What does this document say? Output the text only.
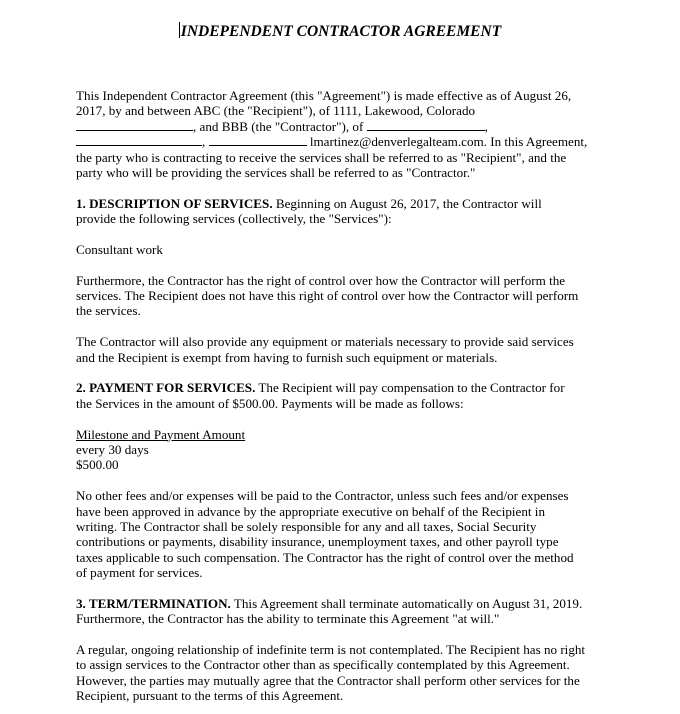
INDEPENDENT CONTRACTOR AGREEMENT
This Independent Contractor Agreement (this "Agreement") is made effective as of August 26,
2017, by and between ABC (the "Recipient"), of 1111, Lakewood, Colorado
, and BBB (the "Contractor"), of	,
,	lmartinez@denverlegalteam.com. In this Agreement,
the party who is contracting to receive the services shall be referred to as "Recipient", and the
party who will be providing the services shall be referred to as "Contractor."
1. DESCRIPTION OF SERVICES. Beginning on August 26, 2017, the Contractor will
provide the following services (collectively, the "Services"):
Consultant work
Furthermore, the Contractor has the right of control over how the Contractor will perform the
services. The Recipient does not have this right of control over how the Contractor will perform
the services.
The Contractor will also provide any equipment or materials necessary to provide said services
and the Recipient is exempt from having to furnish such equipment or materials.
2. PAYMENT FOR SERVICES. The Recipient will pay compensation to the Contractor for
the Services in the amount of $500.00. Payments will be made as follows:
Milestone and Payment Amount
every 30 days
$500.00
No other fees and/or expenses will be paid to the Contractor, unless such fees and/or expenses
have been approved in advance by the appropriate executive on behalf of the Recipient in
writing. The Contractor shall be solely responsible for any and all taxes, Social Security
contributions or payments, disability insurance, unemployment taxes, and other payroll type
taxes applicable to such compensation. The Contractor has the right of control over the method
of payment for services.
3. TERM/TERMINATION. This Agreement shall terminate automatically on August 31, 2019.
Furthermore, the Contractor has the ability to terminate this Agreement "at will."
A regular, ongoing relationship of indefinite term is not contemplated. The Recipient has no right
to assign services to the Contractor other than as specifically contemplated by this Agreement.
However, the parties may mutually agree that the Contractor shall perform other services for the
Recipient, pursuant to the terms of this Agreement.
